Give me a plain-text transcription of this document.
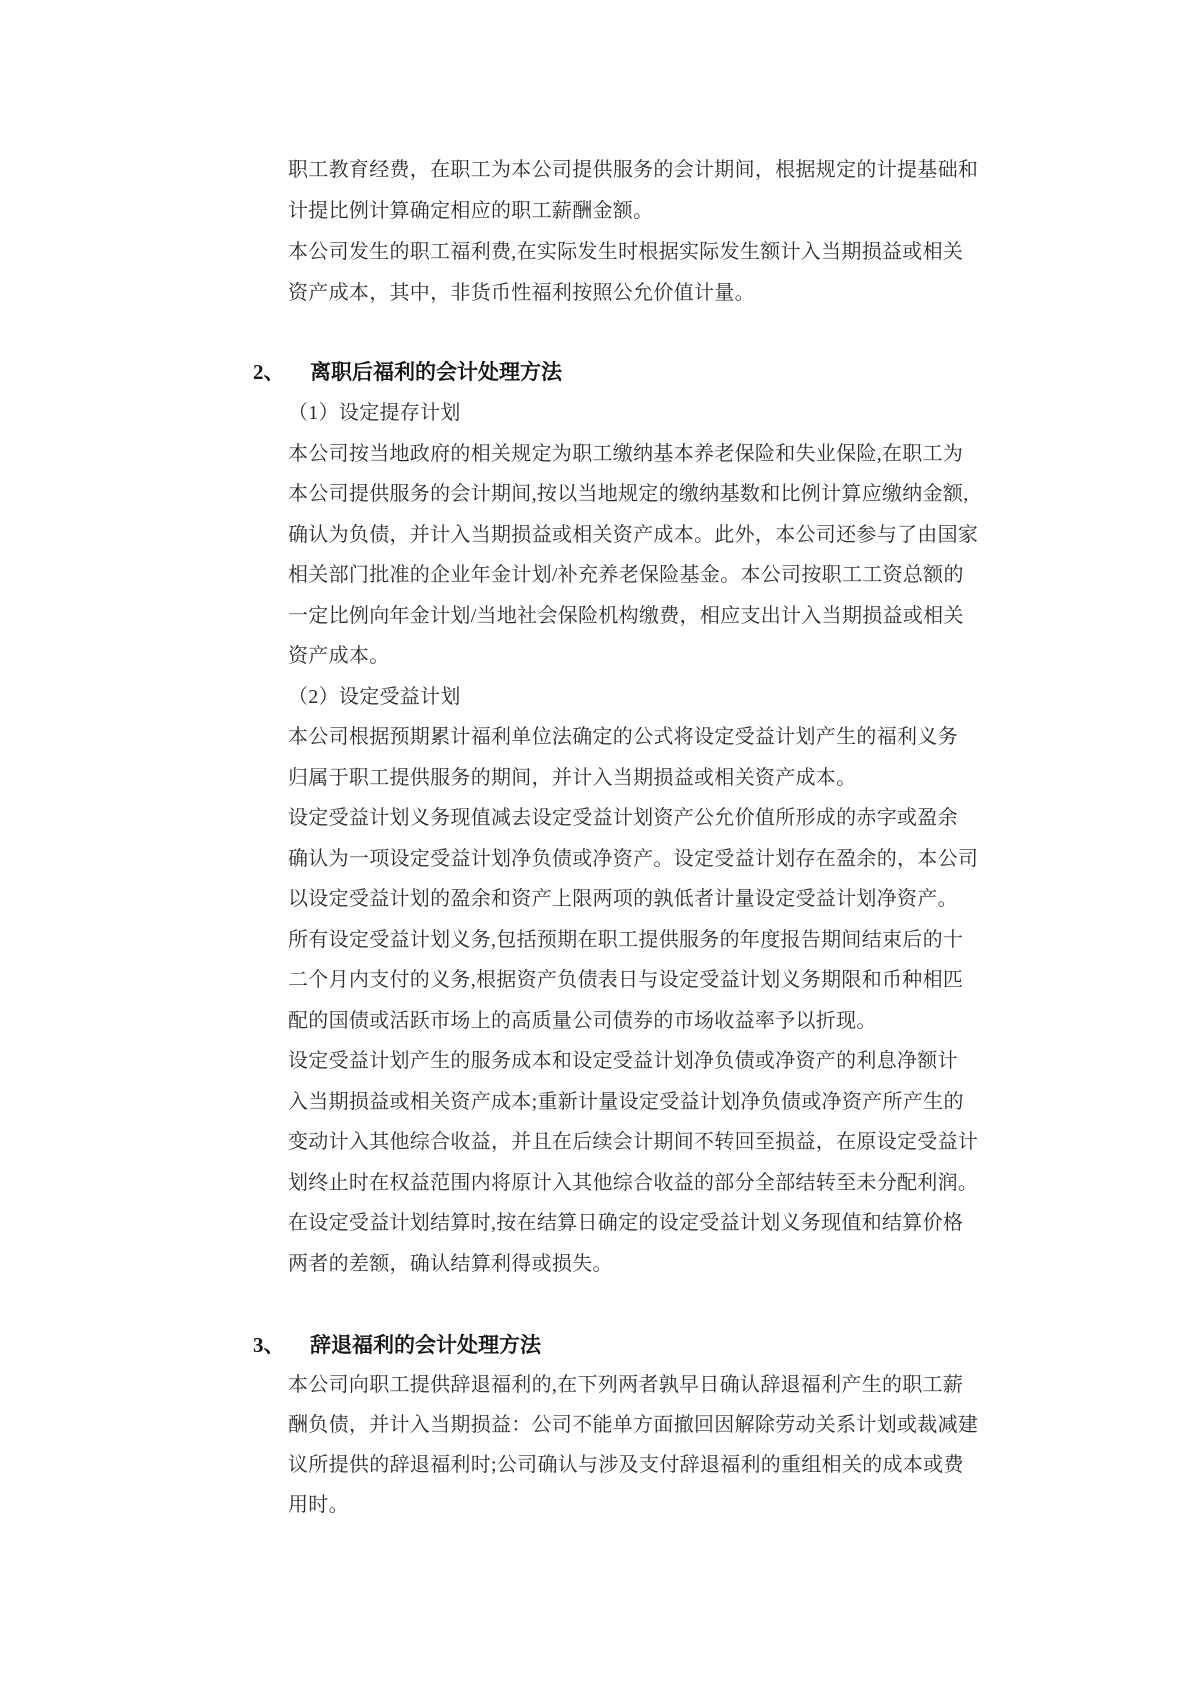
职工教育经费，在职工为本公司提供服务的会计期间，根据规定的计提基础和
计提比例计算确定相应的职工薪酬金额。
本公司发生的职工福利费,在实际发生时根据实际发生额计入当期损益或相关
资产成本，其中，非货币性福利按照公允价值计量。
2、	离职后福利的会计处理方法
（1）设定提存计划
本公司按当地政府的相关规定为职工缴纳基本养老保险和失业保险,在职工为
本公司提供服务的会计期间,按以当地规定的缴纳基数和比例计算应缴纳金额,
确认为负债，并计入当期损益或相关资产成本。此外，本公司还参与了由国家
相关部门批准的企业年金计划/补充养老保险基金。本公司按职工工资总额的
一定比例向年金计划/当地社会保险机构缴费，相应支出计入当期损益或相关
资产成本。
（2）设定受益计划
本公司根据预期累计福利单位法确定的公式将设定受益计划产生的福利义务
归属于职工提供服务的期间，并计入当期损益或相关资产成本。
设定受益计划义务现值减去设定受益计划资产公允价值所形成的赤字或盈余
确认为一项设定受益计划净负债或净资产。设定受益计划存在盈余的，本公司
以设定受益计划的盈余和资产上限两项的孰低者计量设定受益计划净资产。
所有设定受益计划义务,包括预期在职工提供服务的年度报告期间结束后的十
二个月内支付的义务,根据资产负债表日与设定受益计划义务期限和币种相匹
配的国债或活跃市场上的高质量公司债券的市场收益率予以折现。
设定受益计划产生的服务成本和设定受益计划净负债或净资产的利息净额计
入当期损益或相关资产成本;重新计量设定受益计划净负债或净资产所产生的
变动计入其他综合收益，并且在后续会计期间不转回至损益，在原设定受益计
划终止时在权益范围内将原计入其他综合收益的部分全部结转至未分配利润。
在设定受益计划结算时,按在结算日确定的设定受益计划义务现值和结算价格
两者的差额，确认结算利得或损失。
3、	辞退福利的会计处理方法
本公司向职工提供辞退福利的,在下列两者孰早日确认辞退福利产生的职工薪
酬负债，并计入当期损益：公司不能单方面撤回因解除劳动关系计划或裁减建
议所提供的辞退福利时;公司确认与涉及支付辞退福利的重组相关的成本或费
用时。
